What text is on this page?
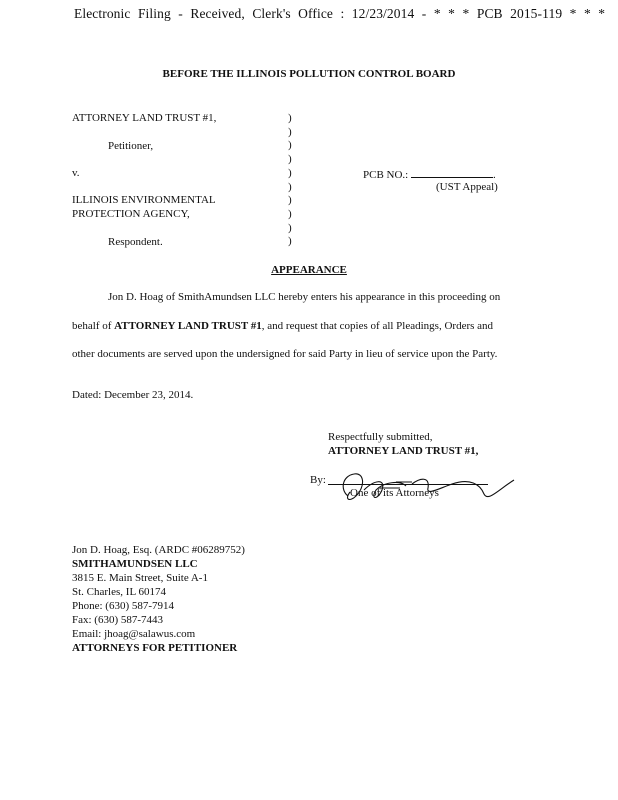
Electronic Filing - Received, Clerk's Office : 12/23/2014 - * * * PCB 2015-119 * * *
BEFORE THE ILLINOIS POLLUTION CONTROL BOARD
ATTORNEY LAND TRUST #1,
Petitioner,
v.
ILLINOIS ENVIRONMENTAL
PROTECTION AGENCY,
Respondent.
)
)
)
)
)
)
)
)
)
)
PCB NO.:	.
(UST Appeal)
APPEARANCE
Jon D. Hoag of SmithAmundsen LLC hereby enters his appearance in this proceeding on
behalf of ATTORNEY LAND TRUST #1, and request that copies of all Pleadings, Orders and
other documents are served upon the undersigned for said Party in lieu of service upon the Party.
Dated: December 23, 2014.
Respectfully submitted,
ATTORNEY LAND TRUST #1,
By:
One of its Attorneys
Jon D. Hoag, Esq. (ARDC #06289752)
SMITHAMUNDSEN LLC
3815 E. Main Street, Suite A-1
St. Charles, IL 60174
Phone: (630) 587-7914
Fax: (630) 587-7443
Email: jhoag@salawus.com
ATTORNEYS FOR PETITIONER
